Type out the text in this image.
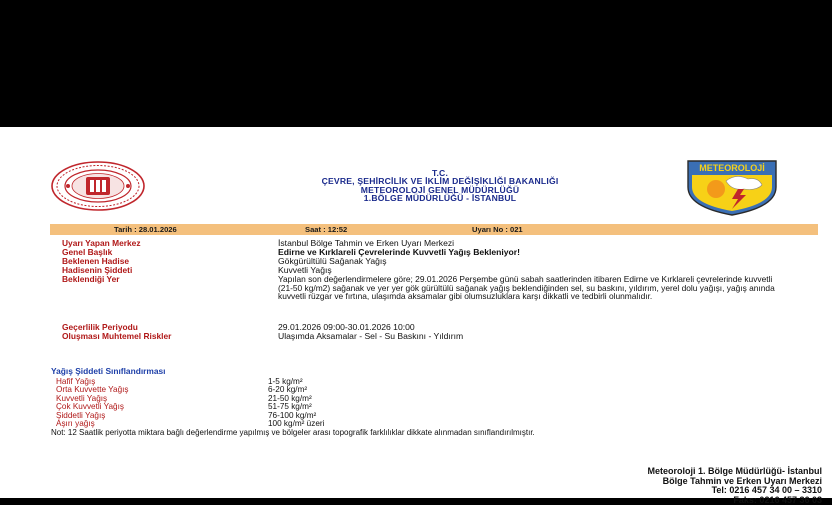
T.C.
ÇEVRE, ŞEHİRCİLİK VE İKLİM DEĞİŞİKLİĞİ BAKANLIĞI
METEOROLOJİ GENEL MÜDÜRLÜĞÜ
1.BÖLGE MÜDÜRLÜĞÜ - İSTANBUL
METEOROLOJİ
Tarih : 28.01.2026	Saat : 12:52	Uyarı No : 021
Uyarı Yapan Merkez	İstanbul Bölge Tahmin ve Erken Uyarı Merkezi
Genel Başlık	Edirne ve Kırklareli Çevrelerinde Kuvvetli Yağış Bekleniyor!
Beklenen Hadise	Gökgürültülü Sağanak Yağış
Hadisenin Şiddeti	Kuvvetli Yağış
Beklendiği Yer	Yapılan son değerlendirmelere göre; 29.01.2026 Perşembe günü sabah saatlerinden itibaren Edirne ve Kırklareli çevrelerinde kuvvetli (21-50 kg/m2) sağanak ve yer yer gök gürültülü sağanak yağış beklendiğinden sel, su baskını, yıldırım, yerel dolu yağışı, yağış anında kuvvetli rüzgar ve fırtına, ulaşımda aksamalar gibi olumsuzluklara karşı dikkatli ve tedbirli olunmalıdır.
Geçerlilik Periyodu	29.01.2026 09:00-30.01.2026 10:00
Oluşması Muhtemel Riskler	Ulaşımda Aksamalar - Sel - Su Baskını - Yıldırım
Yağış Şiddeti Sınıflandırması
Hafif Yağış	1-5 kg/m²
Orta Kuvvette Yağış	6-20 kg/m²
Kuvvetli Yağış	21-50 kg/m²
Çok Kuvvetli Yağış	51-75 kg/m²
Şiddetli Yağış	76-100 kg/m²
Aşırı yağış	100 kg/m² üzeri
Not: 12 Saatlik periyotta miktara bağlı değerlendirme yapılmış ve bölgeler arası topografik farklılıklar dikkate alınmadan sınıflandırılmıştır.
Meteoroloji 1. Bölge Müdürlüğü- İstanbul
Bölge Tahmin ve Erken Uyarı Merkezi
Tel: 0216 457 34 00 – 3310
Faks: 0216 457 36 03
